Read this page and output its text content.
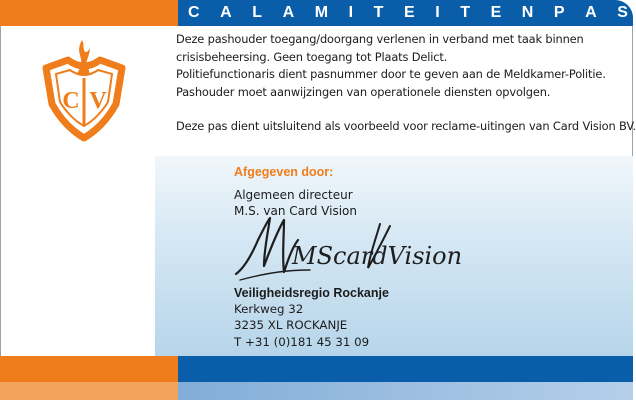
C A L A M I T E I T E N P A S
C V

Deze pashouder toegang/doorgang verlenen in verband met taak binnen

crisisbeheersing. Geen toegang tot Plaats Delict.

Politiefunctionaris dient pasnummer door te geven aan de Meldkamer-Politie.

Pashouder moet aanwijzingen van operationele diensten opvolgen.

Deze pas dient uitsluitend als voorbeeld voor reclame-uitingen van Card Vision BV.

Afgegeven door:
Algemeen directeur
M.S. van Card Vision
MScardVision
Veiligheidsregio Rockanje
Kerkweg 32
3235 XL ROCKANJE
T +31 (0)181 45 31 09
